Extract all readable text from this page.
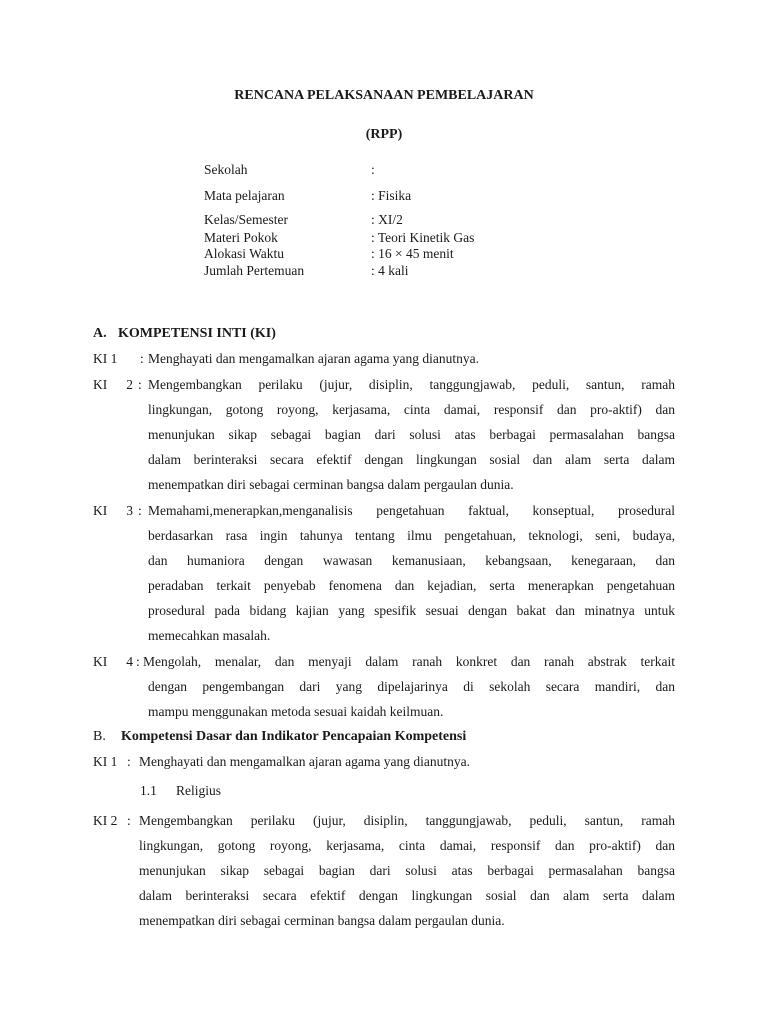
RENCANA PELAKSANAAN PEMBELAJARAN
(RPP)
Sekolah	:
Mata pelajaran	: Fisika
Kelas/Semester	: XI/2
Materi Pokok	: Teori Kinetik Gas
Alokasi Waktu	: 16 × 45 menit
Jumlah Pertemuan	: 4 kali
A. KOMPETENSI INTI (KI)
KI 1 : Menghayati dan mengamalkan ajaran agama yang dianutnya.
KI 2 : Mengembangkan perilaku (jujur, disiplin, tanggungjawab, peduli, santun, ramah
lingkungan, gotong royong, kerjasama, cinta damai, responsif dan pro-aktif) dan
menunjukan sikap sebagai bagian dari solusi atas berbagai permasalahan bangsa
dalam berinteraksi secara efektif dengan lingkungan sosial dan alam serta dalam
menempatkan diri sebagai cerminan bangsa dalam pergaulan dunia.
KI 3 : Memahami,menerapkan,menganalisis pengetahuan faktual, konseptual, prosedural
berdasarkan rasa ingin tahunya tentang ilmu pengetahuan, teknologi, seni, budaya,
dan humaniora dengan wawasan kemanusiaan, kebangsaan, kenegaraan, dan
peradaban terkait penyebab fenomena dan kejadian, serta menerapkan pengetahuan
prosedural pada bidang kajian yang spesifik sesuai dengan bakat dan minatnya untuk
memecahkan masalah.
KI 4 : Mengolah, menalar, dan menyaji dalam ranah konkret dan ranah abstrak terkait
dengan pengembangan dari yang dipelajarinya di sekolah secara mandiri, dan
mampu menggunakan metoda sesuai kaidah keilmuan.
B. Kompetensi Dasar dan Indikator Pencapaian Kompetensi
KI 1 : Menghayati dan mengamalkan ajaran agama yang dianutnya.
1.1 Religius
KI 2 : Mengembangkan perilaku (jujur, disiplin, tanggungjawab, peduli, santun, ramah
lingkungan, gotong royong, kerjasama, cinta damai, responsif dan pro-aktif) dan
menunjukan sikap sebagai bagian dari solusi atas berbagai permasalahan bangsa
dalam berinteraksi secara efektif dengan lingkungan sosial dan alam serta dalam
menempatkan diri sebagai cerminan bangsa dalam pergaulan dunia.
